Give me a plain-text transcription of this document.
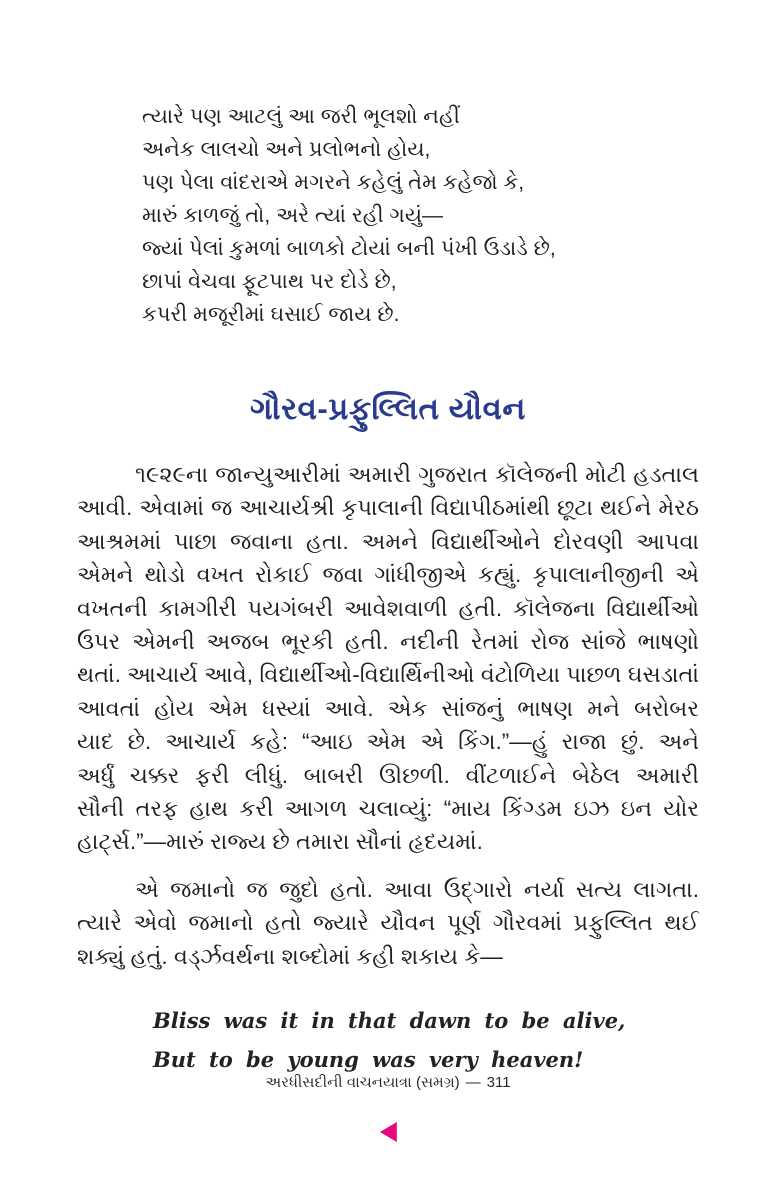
ત્યારે પણ આટલું આ જરી ભૂલશો નહીં
અનેક લાલચો અને પ્રલોભનો હોય,
પણ પેલા વાંદરાએ મગરને કહેલું તેમ કહેજો કે,
મારું કાળજું તો, અરે ત્યાં રહી ગયું—
જ્યાં પેલાં કુમળાં બાળકો ટોયાં બની પંખી ઉડાડે છે,
છાપાં વેચવા ફૂટપાથ પર દોડે છે,
કપરી મજૂરીમાં ઘસાઈ જાય છે.
ગૌરવ-પ્રફુલ્લિત યૌવન
૧૯૨૯ના જાન્યુઆરીમાં અમારી ગુજરાત કૉલેજની મોટી હડતાલ
આવી. એવામાં જ આચાર્યશ્રી કૃપાલાની વિદ્યાપીઠમાંથી છૂટા થઈને મેરઠ
આશ્રમમાં પાછા જવાના હતા. અમને વિદ્યાર્થીઓને દોરવણી આપવા
એમને થોડો વખત રોકાઈ જવા ગાંધીજીએ કહ્યું. કૃપાલાનીજીની એ
વખતની કામગીરી પયગંબરી આવેશવાળી હતી. કૉલેજના વિદ્યાર્થીઓ
ઉપર એમની અજબ ભૂરકી હતી. નદીની રેતમાં રોજ સાંજે ભાષણો
થતાં. આચાર્ય આવે, વિદ્યાર્થીઓ-વિદ્યાર્થિનીઓ વંટોળિયા પાછળ ઘસડાતાં
આવતાં હોય એમ ધસ્યાં આવે. એક સાંજનું ભાષણ મને બરોબર
યાદ છે. આચાર્ય કહે: “આઇ એમ એ કિંગ.”—હું રાજા છું. અને
અર્ધું ચક્કર ફરી લીધું. બાબરી ઊછળી. વીંટળાઈને બેઠેલ અમારી
સૌની તરફ હાથ કરી આગળ ચલાવ્યું: “માય કિંગ્ડમ ઇઝ ઇન યોર
હાર્ટ્સ.”—મારું રાજ્ય છે તમારા સૌનાં હૃદયમાં.
એ જમાનો જ જુદો હતો. આવા ઉદ્ગારો નર્યા સત્ય લાગતા.
ત્યારે એવો જમાનો હતો જ્યારે યૌવન પૂર્ણ ગૌરવમાં પ્રફુલ્લિત થઈ
શક્યું હતું. વર્ડ્ઝવર્થના શબ્દોમાં કહી શકાય કે—
Bliss was it in that dawn to be alive,
But to be young was very heaven!
અરધીસદીની વાચનયાત્રા (સમગ્ર) — 311
